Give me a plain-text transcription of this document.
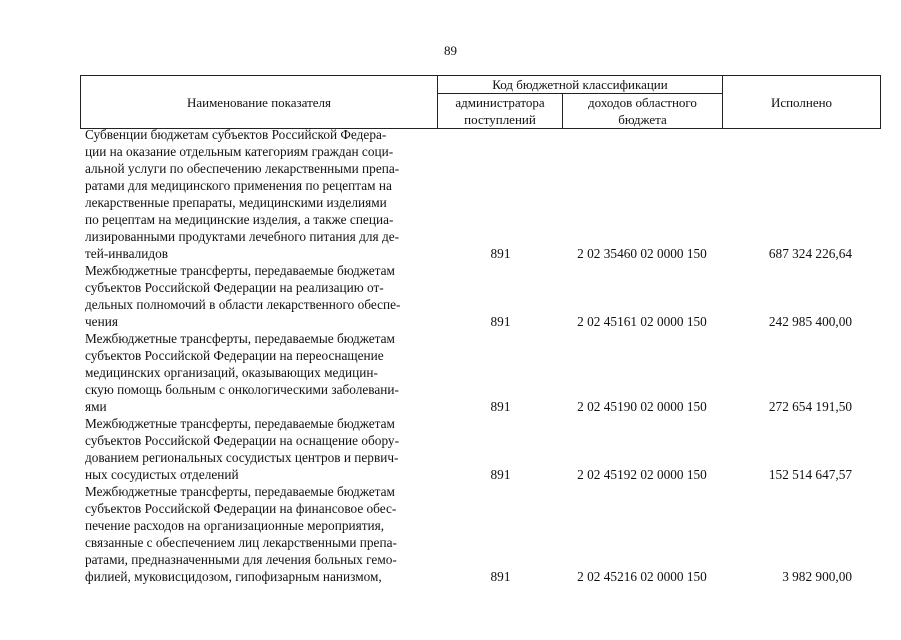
89
Наименование показателя	Код бюджетной классификации		Исполнено
	администратора поступлений	доходов областного бюджета	
Субвенции бюджетам субъектов Российской Федера-
ции на оказание отдельным категориям граждан соци-
альной услуги по обеспечению лекарственными препа-
ратами для медицинского применения по рецептам на
лекарственные препараты, медицинскими изделиями
по рецептам на медицинские изделия, а также специа-
лизированными продуктами лечебного питания для де-
тей-инвалидов	891	2 02 35460 02 0000 150	687 324 226,64
Межбюджетные трансферты, передаваемые бюджетам
субъектов Российской Федерации на реализацию от-
дельных полномочий в области лекарственного обеспе-
чения	891	2 02 45161 02 0000 150	242 985 400,00
Межбюджетные трансферты, передаваемые бюджетам
субъектов Российской Федерации на переоснащение
медицинских организаций, оказывающих медицин-
скую помощь больным с онкологическими заболевани-
ями	891	2 02 45190 02 0000 150	272 654 191,50
Межбюджетные трансферты, передаваемые бюджетам
субъектов Российской Федерации на оснащение обору-
дованием региональных сосудистых центров и первич-
ных сосудистых отделений	891	2 02 45192 02 0000 150	152 514 647,57
Межбюджетные трансферты, передаваемые бюджетам
субъектов Российской Федерации на финансовое обес-
печение расходов на организационные мероприятия,
связанные с обеспечением лиц лекарственными препа-
ратами, предназначенными для лечения больных гемо-
филией, муковисцидозом, гипофизарным нанизмом,	891	2 02 45216 02 0000 150	3 982 900,00
